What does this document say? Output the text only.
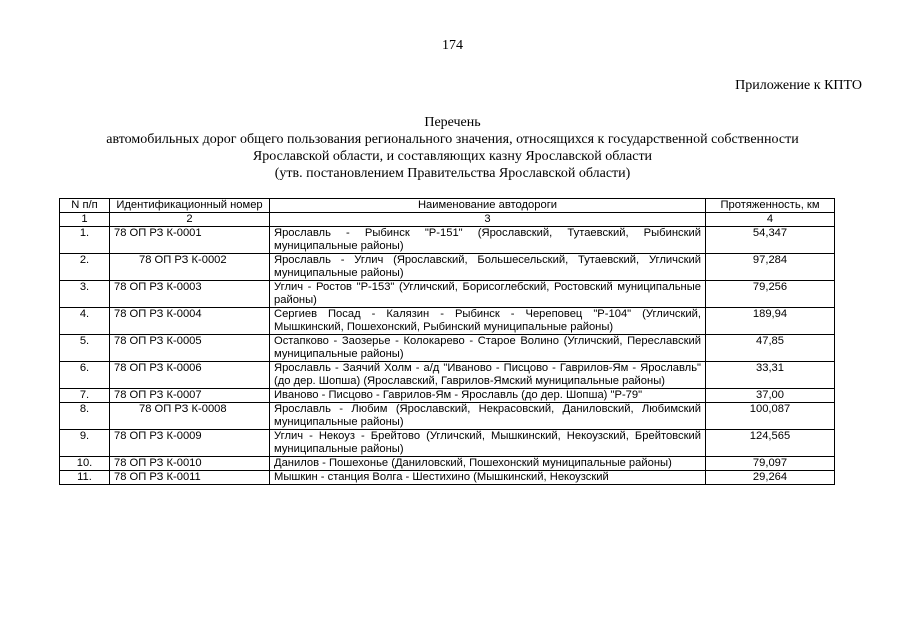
174
Приложение к КПТО
Перечень
автомобильных дорог общего пользования регионального значения, относящихся к государственной собственности
Ярославской области, и составляющих казну Ярославской области
(утв. постановлением Правительства Ярославской области)
N п/п	Идентификационный номер	Наименование автодороги	Протяженность, км
1	2	3	4
1.	78 ОП РЗ К-0001	Ярославль - Рыбинск "Р-151" (Ярославский, Тутаевский, Рыбинский муниципальные районы)	54,347
2.	78 ОП РЗ К-0002	Ярославль - Углич (Ярославский, Большесельский, Тутаевский, Угличский муниципальные районы)	97,284
3.	78 ОП РЗ К-0003	Углич - Ростов "Р-153" (Угличский, Борисоглебский, Ростовский муниципальные районы)	79,256
4.	78 ОП РЗ К-0004	Сергиев Посад - Калязин - Рыбинск - Череповец "Р-104" (Угличский, Мышкинский, Пошехонский, Рыбинский муниципальные районы)	189,94
5.	78 ОП РЗ К-0005	Остапково - Заозерье - Колокарево - Старое Волино (Угличский, Переславский муниципальные районы)	47,85
6.	78 ОП РЗ К-0006	Ярославль - Заячий Холм - а/д "Иваново - Писцово - Гаврилов-Ям - Ярославль" (до дер. Шопша) (Ярославский, Гаврилов-Ямский муниципальные районы)	33,31
7.	78 ОП РЗ К-0007	Иваново - Писцово - Гаврилов-Ям - Ярославль (до дер. Шопша) "Р-79"	37,00
8.	78 ОП РЗ К-0008	Ярославль - Любим (Ярославский, Некрасовский, Даниловский, Любимский муниципальные районы)	100,087
9.	78 ОП РЗ К-0009	Углич - Некоуз - Брейтово (Угличский, Мышкинский, Некоузский, Брейтовский муниципальные районы)	124,565
10.	78 ОП РЗ К-0010	Данилов - Пошехонье (Даниловский, Пошехонский муниципальные районы)	79,097
11.	78 ОП РЗ К-0011	Мышкин - станция Волга - Шестихино (Мышкинский, Некоузский	29,264
